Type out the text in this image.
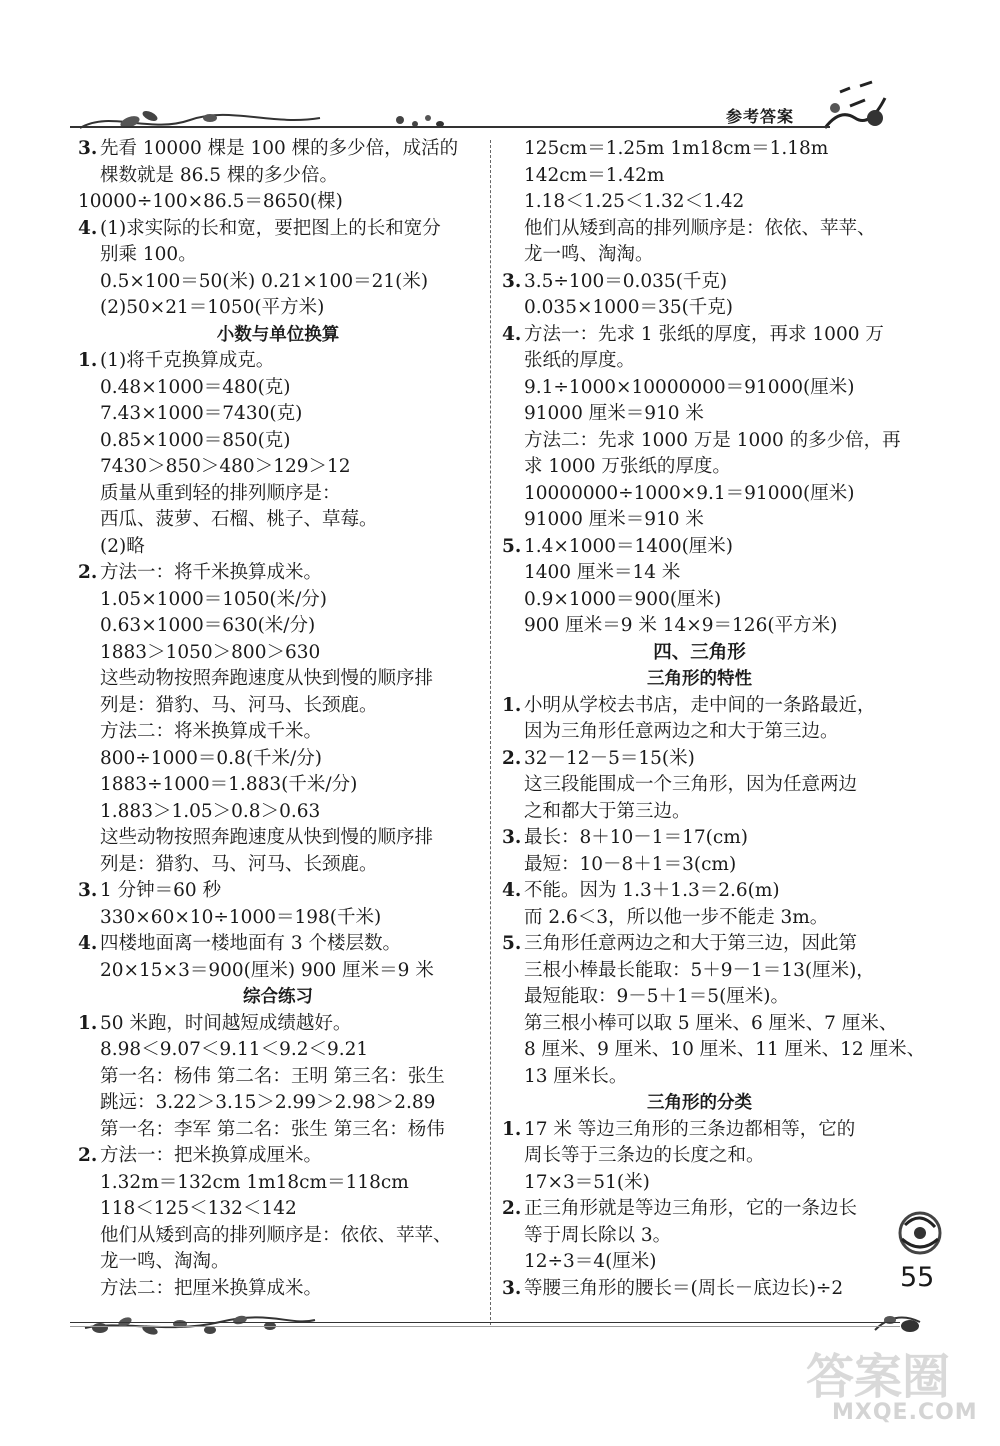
参考答案
3. 先看 10000 棵是 100 棵的多少倍，成活的
棵数就是 86.5 棵的多少倍。
10000÷100×86.5＝8650(棵)
4. (1)求实际的长和宽，要把图上的长和宽分
别乘 100。
0.5×100＝50(米) 0.21×100＝21(米)
(2)50×21＝1050(平方米)
小数与单位换算
1. (1)将千克换算成克。
0.48×1000＝480(克)
7.43×1000＝7430(克)
0.85×1000＝850(克)
7430＞850＞480＞129＞12
质量从重到轻的排列顺序是：
西瓜、菠萝、石榴、桃子、草莓。
(2)略
2. 方法一：将千米换算成米。
1.05×1000＝1050(米/分)
0.63×1000＝630(米/分)
1883＞1050＞800＞630
这些动物按照奔跑速度从快到慢的顺序排
列是：猎豹、马、河马、长颈鹿。
方法二：将米换算成千米。
800÷1000＝0.8(千米/分)
1883÷1000＝1.883(千米/分)
1.883＞1.05＞0.8＞0.63
这些动物按照奔跑速度从快到慢的顺序排
列是：猎豹、马、河马、长颈鹿。
3. 1 分钟＝60 秒
330×60×10÷1000＝198(千米)
4. 四楼地面离一楼地面有 3 个楼层数。
20×15×3＝900(厘米) 900 厘米＝9 米
综合练习
1. 50 米跑，时间越短成绩越好。
8.98＜9.07＜9.11＜9.2＜9.21
第一名：杨伟 第二名：王明 第三名：张生
跳远：3.22＞3.15＞2.99＞2.98＞2.89
第一名：李军 第二名：张生 第三名：杨伟
2. 方法一：把米换算成厘米。
1.32m＝132cm 1m18cm＝118cm
118＜125＜132＜142
他们从矮到高的排列顺序是：依依、苹苹、
龙一鸣、淘淘。
方法二：把厘米换算成米。
125cm＝1.25m 1m18cm＝1.18m
142cm＝1.42m
1.18＜1.25＜1.32＜1.42
他们从矮到高的排列顺序是：依依、苹苹、
龙一鸣、淘淘。
3. 3.5÷100＝0.035(千克)
0.035×1000＝35(千克)
4. 方法一：先求 1 张纸的厚度，再求 1000 万
张纸的厚度。
9.1÷1000×10000000＝91000(厘米)
91000 厘米＝910 米
方法二：先求 1000 万是 1000 的多少倍，再
求 1000 万张纸的厚度。
10000000÷1000×9.1＝91000(厘米)
91000 厘米＝910 米
5. 1.4×1000＝1400(厘米)
1400 厘米＝14 米
0.9×1000＝900(厘米)
900 厘米＝9 米 14×9＝126(平方米)
四、三角形
三角形的特性
1. 小明从学校去书店，走中间的一条路最近，
因为三角形任意两边之和大于第三边。
2. 32－12－5＝15(米)
这三段能围成一个三角形，因为任意两边
之和都大于第三边。
3. 最长：8＋10－1＝17(cm)
最短：10－8＋1＝3(cm)
4. 不能。因为 1.3＋1.3＝2.6(m)
而 2.6＜3，所以他一步不能走 3m。
5. 三角形任意两边之和大于第三边，因此第
三根小棒最长能取：5＋9－1＝13(厘米)，
最短能取：9－5＋1＝5(厘米)。
第三根小棒可以取 5 厘米、6 厘米、7 厘米、
8 厘米、9 厘米、10 厘米、11 厘米、12 厘米、
13 厘米长。
三角形的分类
1. 17 米 等边三角形的三条边都相等，它的
周长等于三条边的长度之和。
17×3＝51(米)
2. 正三角形就是等边三角形，它的一条边长
等于周长除以 3。
12÷3＝4(厘米)
3. 等腰三角形的腰长＝(周长－底边长)÷2	55
答案圈
MXQE.COM
